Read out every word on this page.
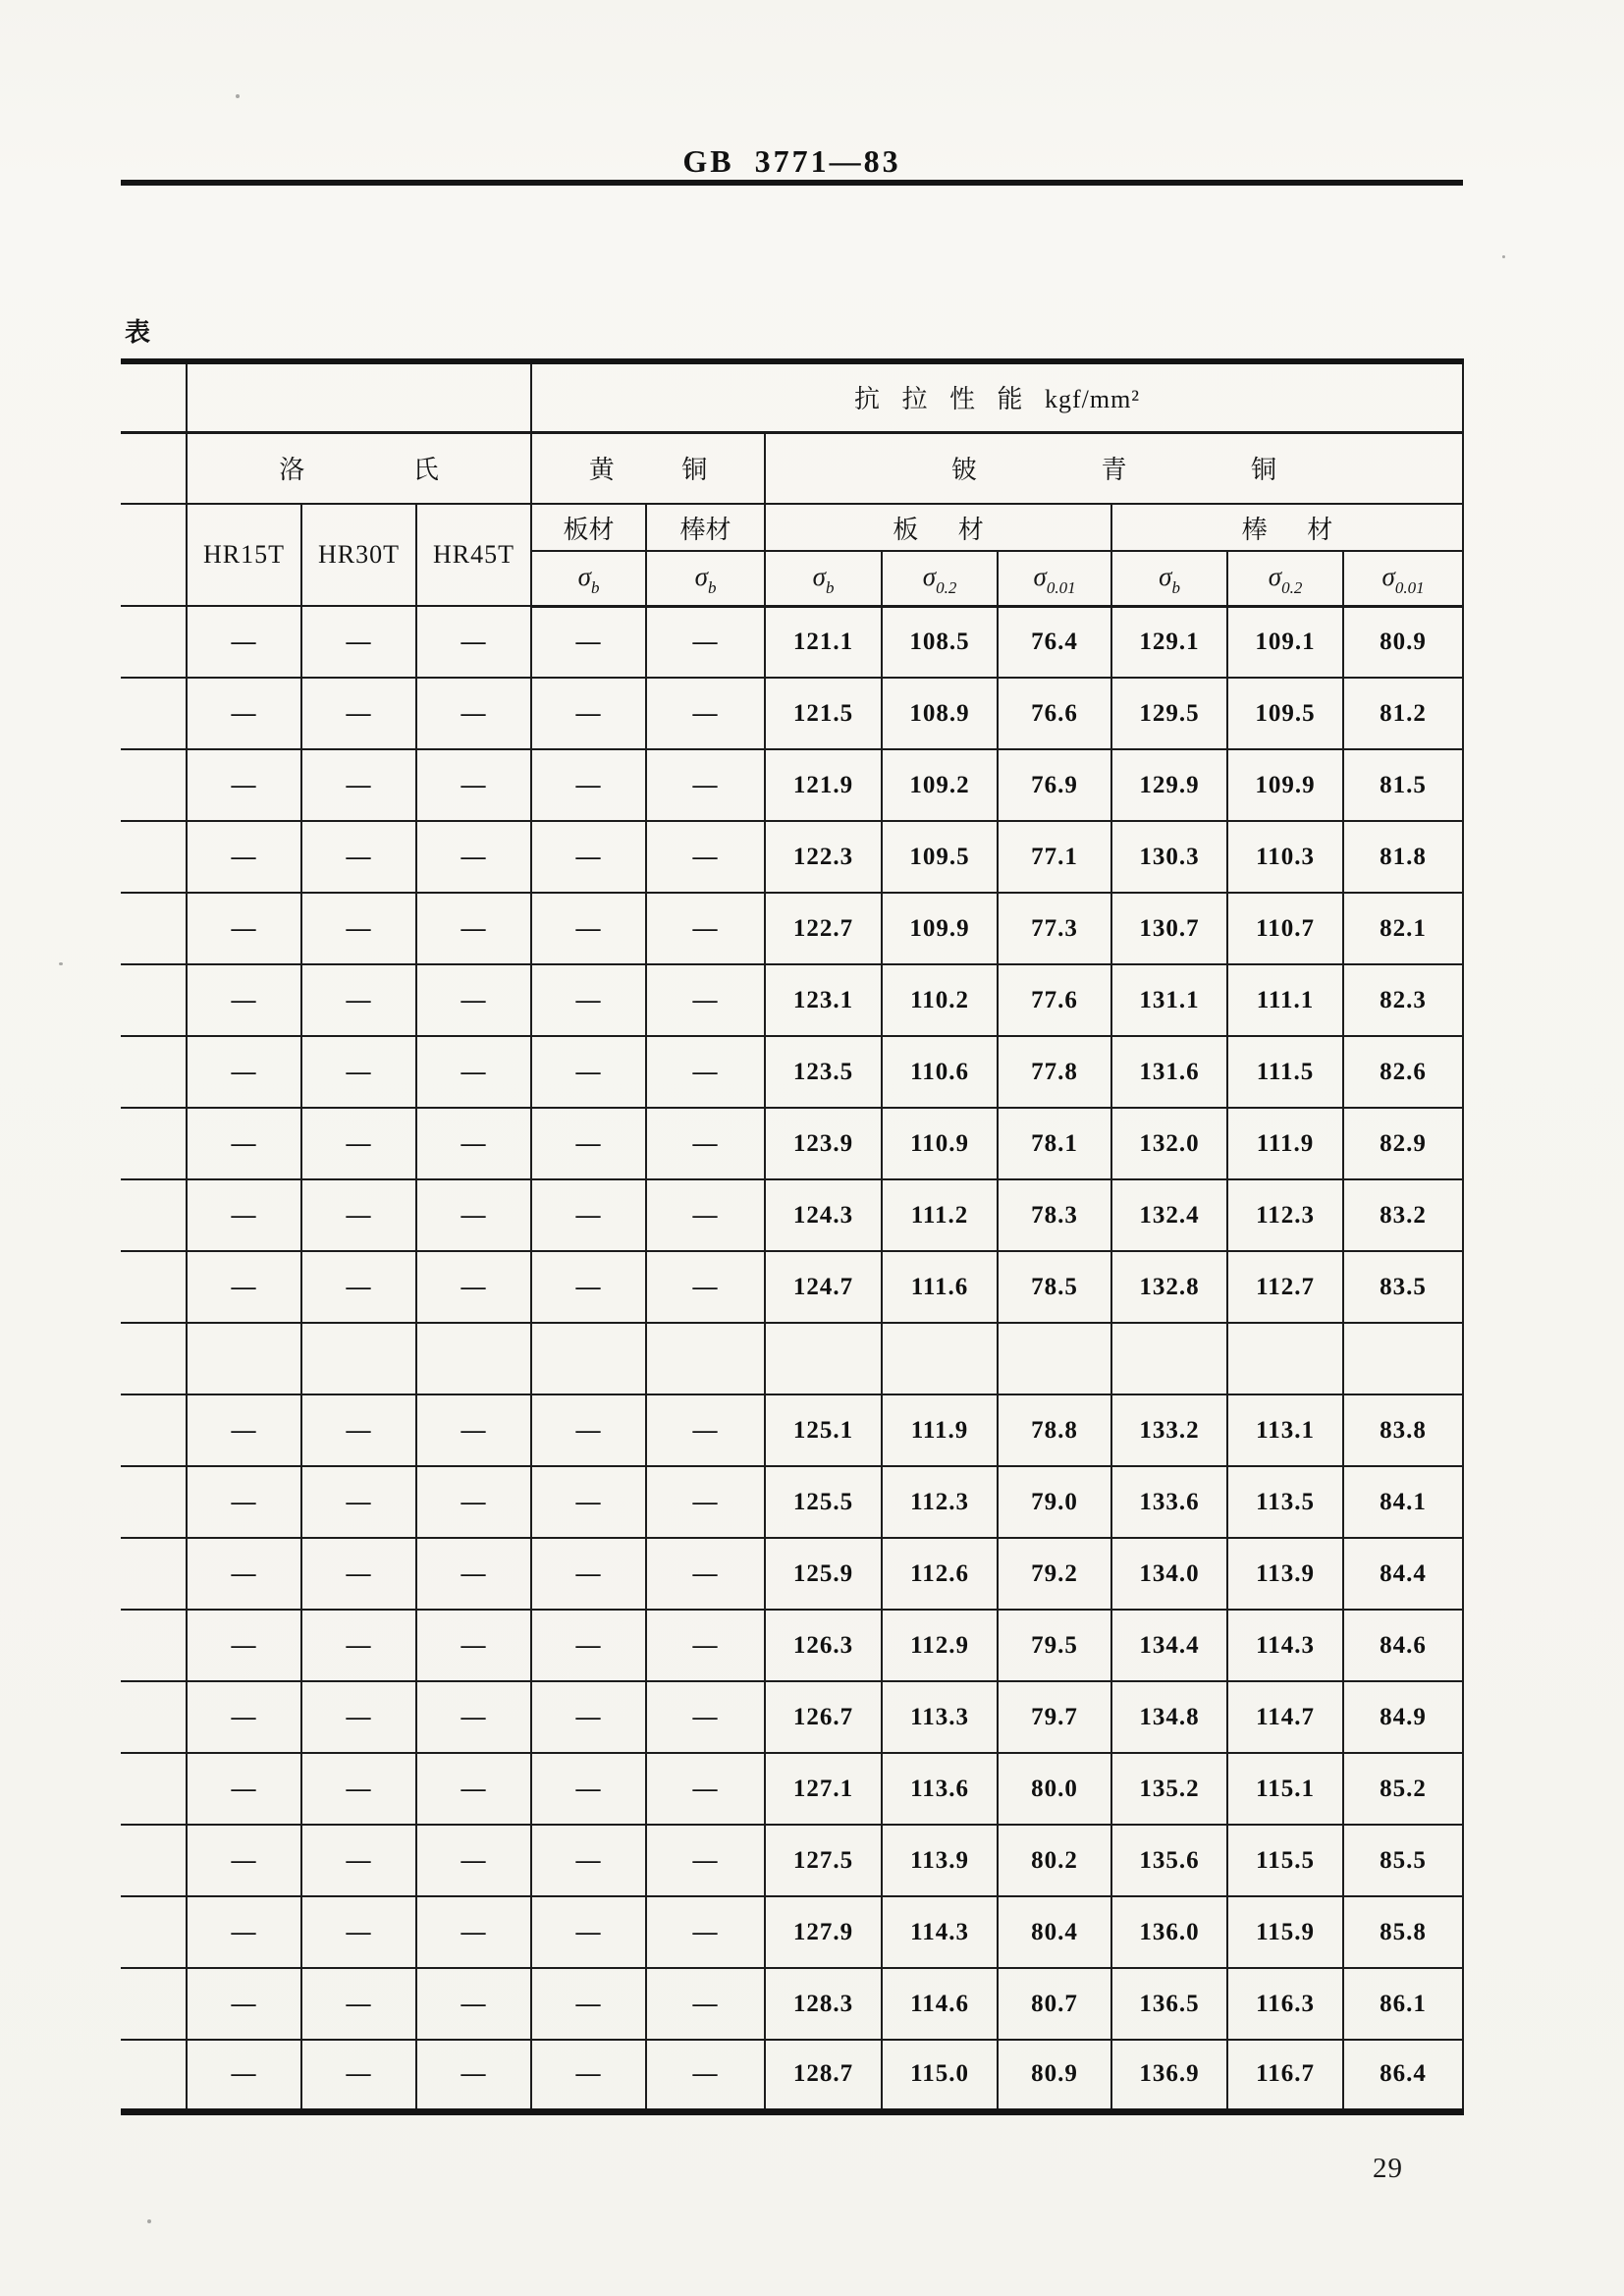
GB 3771—83
表
				抗 拉 性 能 kgf/mm²							
	洛 氏			黄 铜		铍 青 铜					
	HR15T	HR30T	HR45T	板材	棒材	板 材			棒 材		
				σb	σb	σb	σ0.2	σ0.01	σb	σ0.2	σ0.01
	—	—	—	—	—	121.1	108.5	76.4	129.1	109.1	80.9
	—	—	—	—	—	121.5	108.9	76.6	129.5	109.5	81.2
	—	—	—	—	—	121.9	109.2	76.9	129.9	109.9	81.5
	—	—	—	—	—	122.3	109.5	77.1	130.3	110.3	81.8
	—	—	—	—	—	122.7	109.9	77.3	130.7	110.7	82.1
	—	—	—	—	—	123.1	110.2	77.6	131.1	111.1	82.3
	—	—	—	—	—	123.5	110.6	77.8	131.6	111.5	82.6
	—	—	—	—	—	123.9	110.9	78.1	132.0	111.9	82.9
	—	—	—	—	—	124.3	111.2	78.3	132.4	112.3	83.2
	—	—	—	—	—	124.7	111.6	78.5	132.8	112.7	83.5

	—	—	—	—	—	125.1	111.9	78.8	133.2	113.1	83.8
	—	—	—	—	—	125.5	112.3	79.0	133.6	113.5	84.1
	—	—	—	—	—	125.9	112.6	79.2	134.0	113.9	84.4
	—	—	—	—	—	126.3	112.9	79.5	134.4	114.3	84.6
	—	—	—	—	—	126.7	113.3	79.7	134.8	114.7	84.9
	—	—	—	—	—	127.1	113.6	80.0	135.2	115.1	85.2
	—	—	—	—	—	127.5	113.9	80.2	135.6	115.5	85.5
	—	—	—	—	—	127.9	114.3	80.4	136.0	115.9	85.8
	—	—	—	—	—	128.3	114.6	80.7	136.5	116.3	86.1
	—	—	—	—	—	128.7	115.0	80.9	136.9	116.7	86.4
29
